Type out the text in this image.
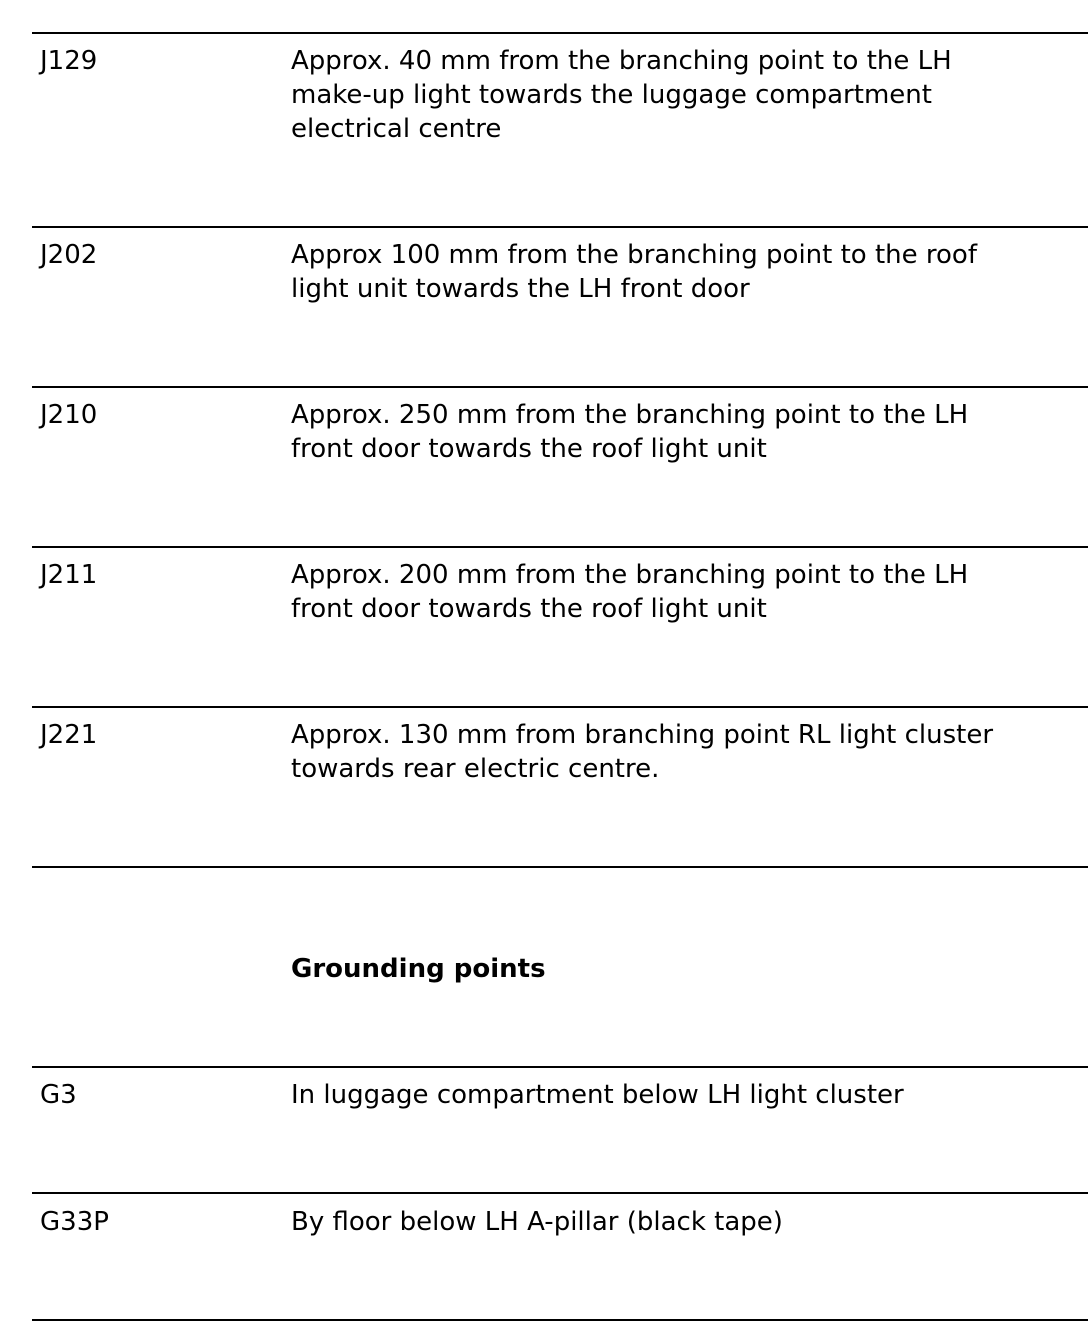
J129	Approx. 40 mm from the branching point to the LH
make-up light towards the luggage compartment
electrical centre

J202	Approx 100 mm from the branching point to the roof
light unit towards the LH front door

J210	Approx. 250 mm from the branching point to the LH
front door towards the roof light unit

J211	Approx. 200 mm from the branching point to the LH
front door towards the roof light unit

J221	Approx. 130 mm from branching point RL light cluster
towards rear electric centre.

Grounding points

G3	In luggage compartment below LH light cluster

G33P	By floor below LH A-pillar (black tape)
